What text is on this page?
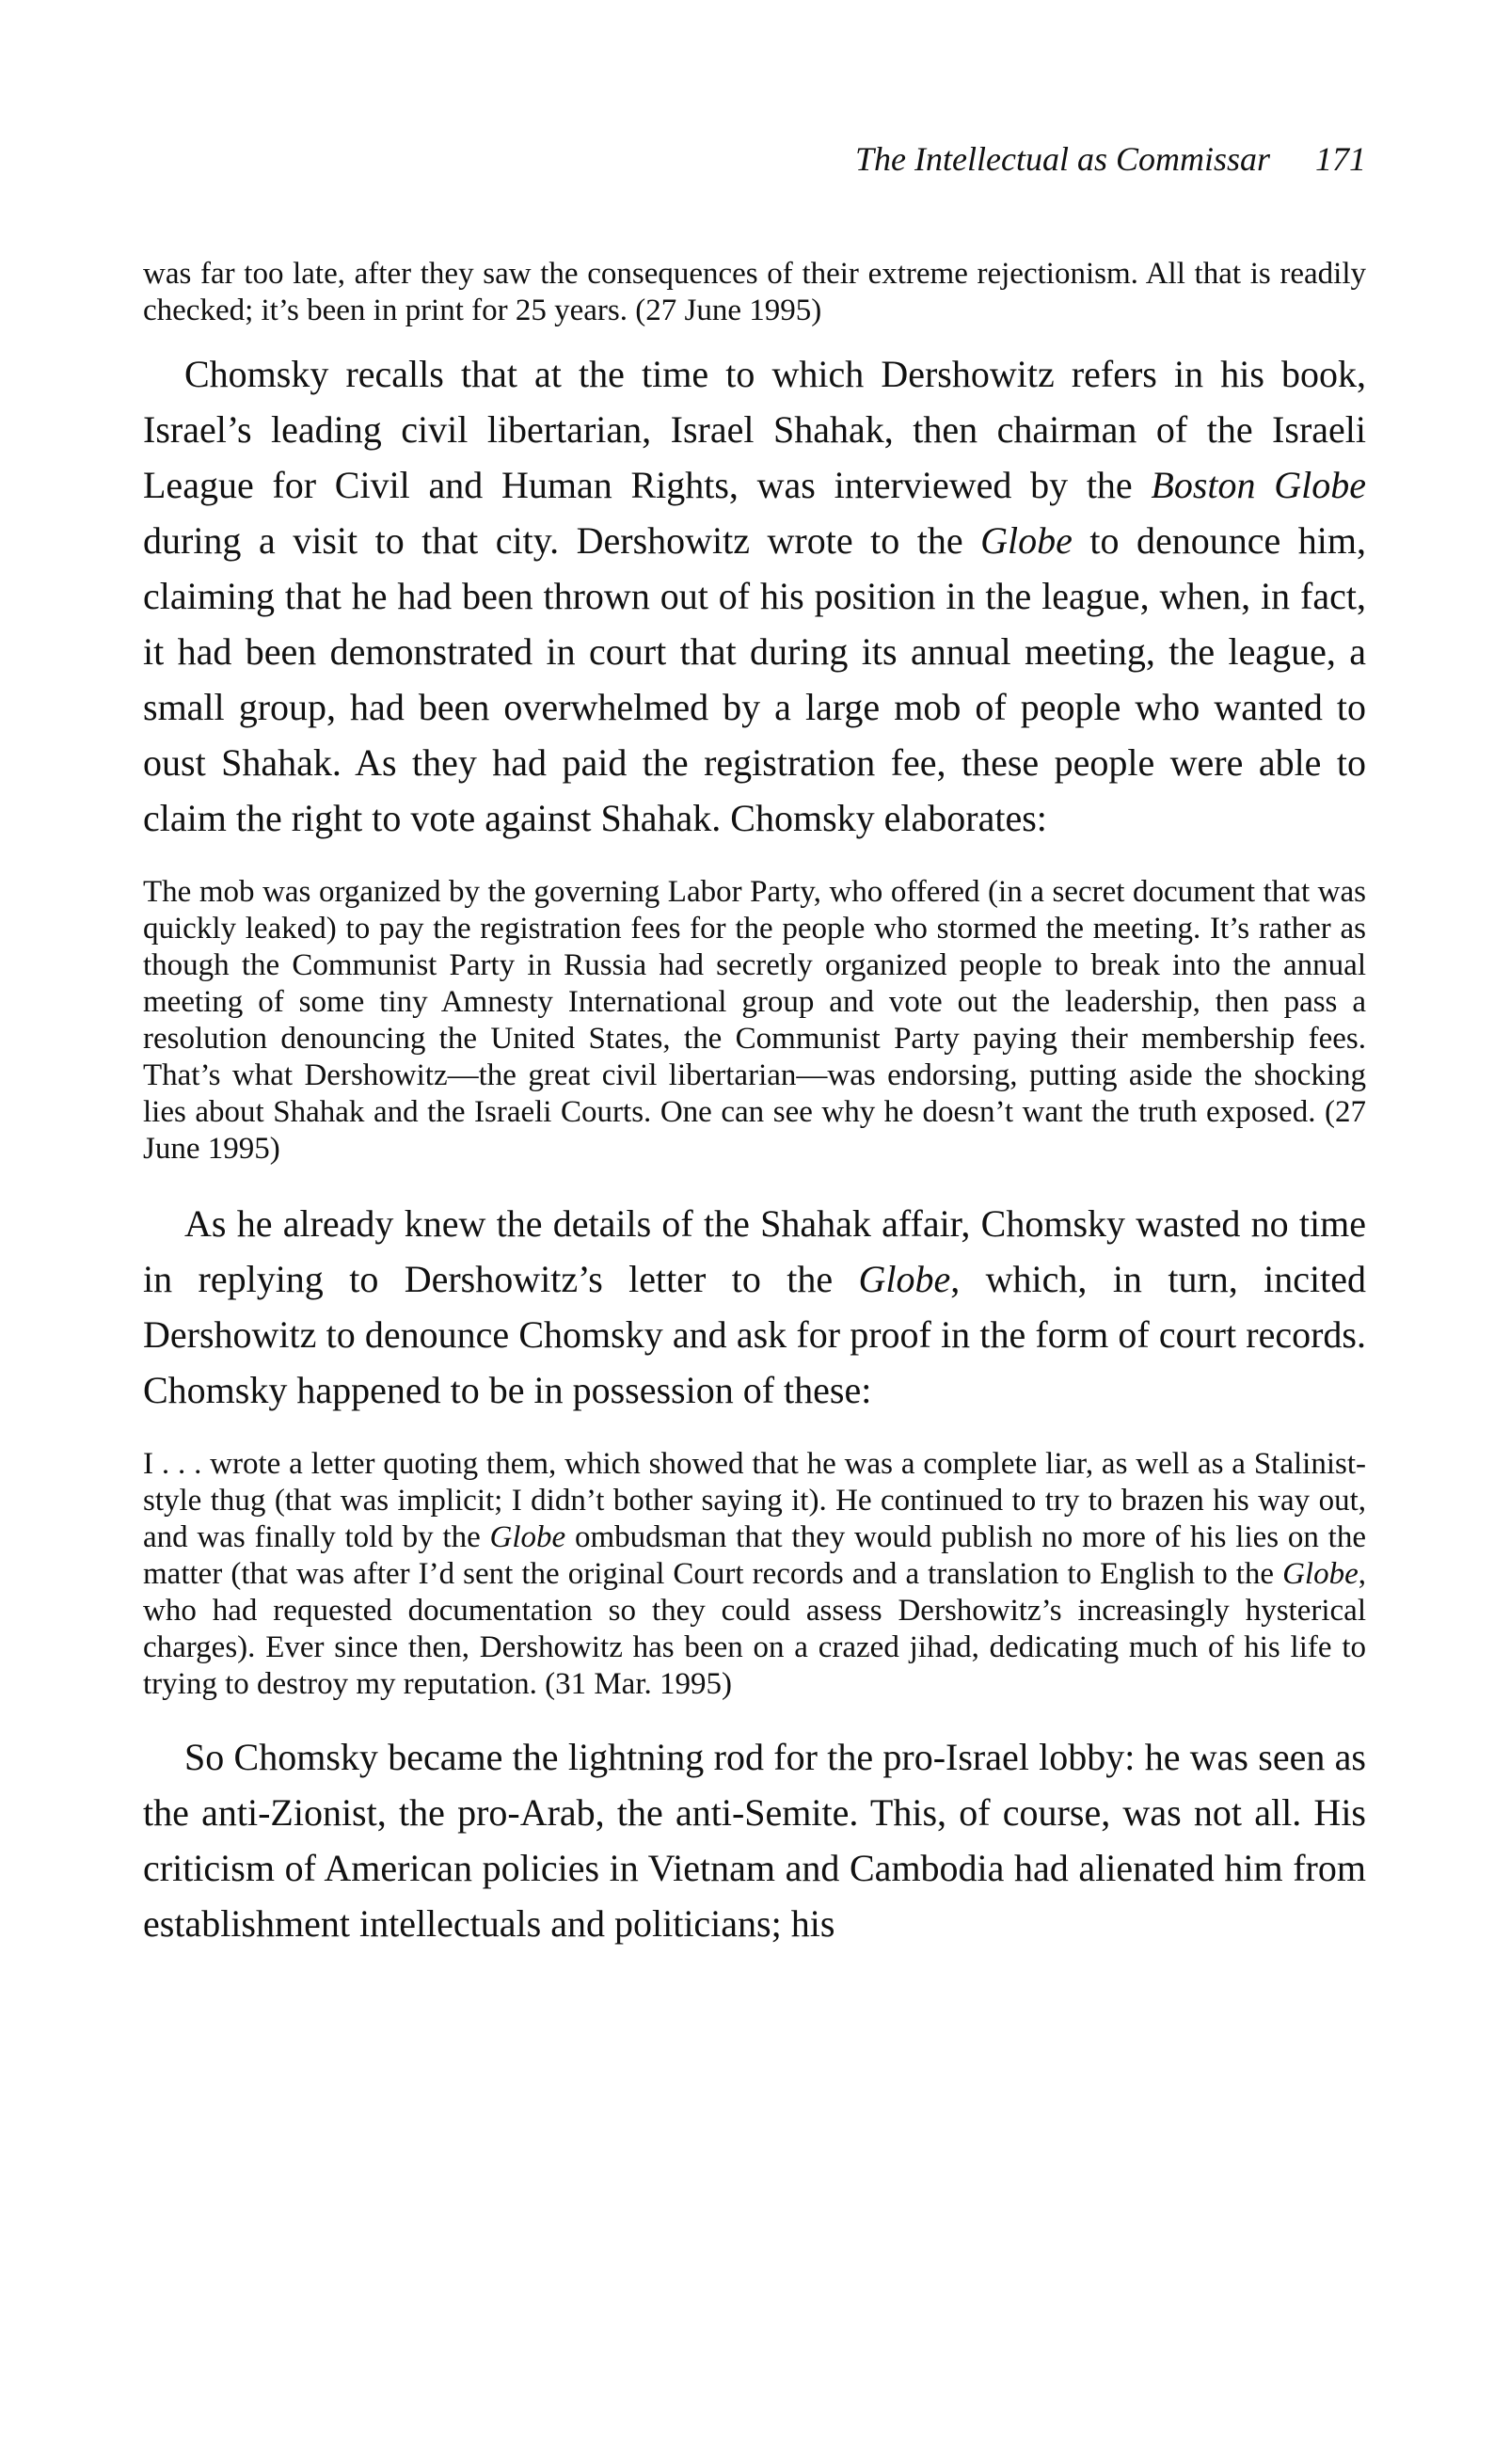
The Intellectual as Commissar 171

was far too late, after they saw the consequences of their extreme rejectionism. All that is readily checked; it’s been in print for 25 years. (27 June 1995)

Chomsky recalls that at the time to which Dershowitz refers in his book, Israel’s leading civil libertarian, Israel Shahak, then chairman of the Israeli League for Civil and Human Rights, was interviewed by the Boston Globe during a visit to that city. Dershowitz wrote to the Globe to denounce him, claiming that he had been thrown out of his position in the league, when, in fact, it had been demonstrated in court that during its annual meeting, the league, a small group, had been overwhelmed by a large mob of people who wanted to oust Shahak. As they had paid the registration fee, these people were able to claim the right to vote against Shahak. Chomsky elaborates:

The mob was organized by the governing Labor Party, who offered (in a secret document that was quickly leaked) to pay the registration fees for the people who stormed the meeting. It’s rather as though the Communist Party in Russia had secretly organized people to break into the annual meeting of some tiny Amnesty International group and vote out the leadership, then pass a resolution denouncing the United States, the Communist Party paying their membership fees. That’s what Dershowitz—the great civil libertarian—was endorsing, putting aside the shocking lies about Shahak and the Israeli Courts. One can see why he doesn’t want the truth exposed. (27 June 1995)

As he already knew the details of the Shahak affair, Chomsky wasted no time in replying to Dershowitz’s letter to the Globe, which, in turn, incited Dershowitz to denounce Chomsky and ask for proof in the form of court records. Chomsky happened to be in possession of these:

I . . . wrote a letter quoting them, which showed that he was a complete liar, as well as a Stalinist-style thug (that was implicit; I didn’t bother saying it). He continued to try to brazen his way out, and was finally told by the Globe ombudsman that they would publish no more of his lies on the matter (that was after I’d sent the original Court records and a translation to English to the Globe, who had requested documentation so they could assess Dershowitz’s increasingly hysterical charges). Ever since then, Dershowitz has been on a crazed jihad, dedicating much of his life to trying to destroy my reputation. (31 Mar. 1995)

So Chomsky became the lightning rod for the pro-Israel lobby: he was seen as the anti-Zionist, the pro-Arab, the anti-Semite. This, of course, was not all. His criticism of American policies in Vietnam and Cambodia had alienated him from establishment intellectuals and politicians; his
